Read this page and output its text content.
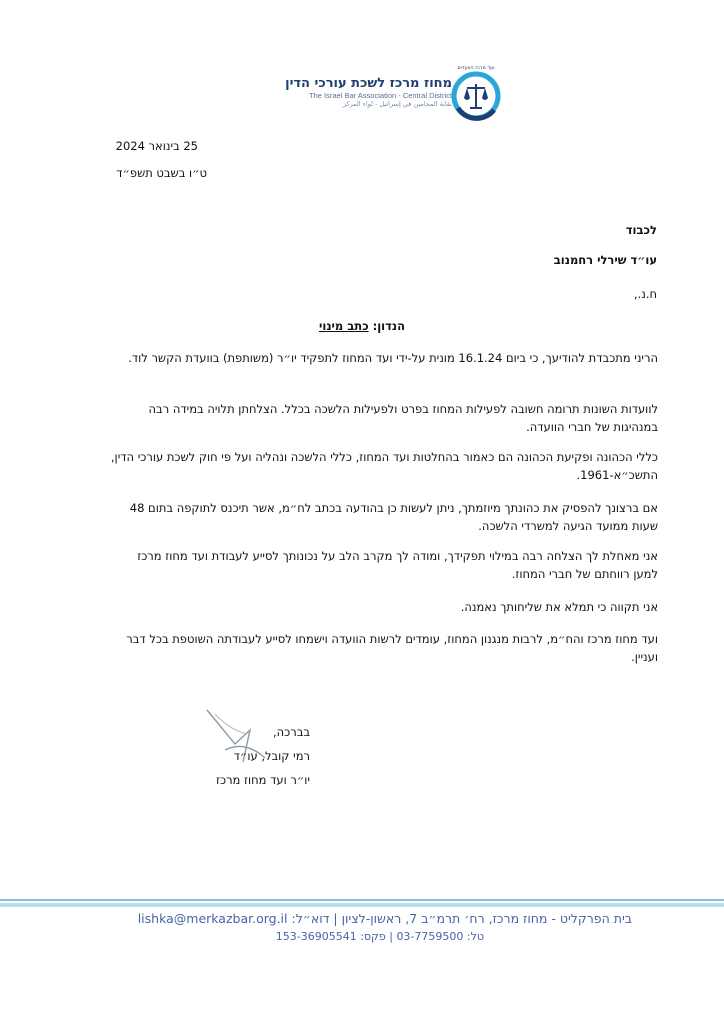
מחוז מרכז לשכת עורכי הדין
The Israel Bar Association - Central District
نقابة المحامين في إسرائيل - لواء المركز
ועד מרכז הוועדים
25 בינואר 2024
ט״ו בשבט תשפ״ד
לכבוד
עו״ד שירלי רחמנוב
ח.נ.,
הנדון: כתב מינוי
הריני מתכבדת להודיעך, כי ביום 16.1.24 מונית על-ידי ועד המחוז לתפקיד יו״ר (משותפת) בוועדת הקשר לוד.
לוועדות השונות תרומה חשובה לפעילות המחוז בפרט ולפעילות הלשכה בכלל. הצלחתן תלויה במידה רבה במנהיגות של חברי הוועדה.
כללי הכהונה ופקיעת הכהונה הם כאמור בהחלטות ועד המחוז, כללי הלשכה ונהליה ועל פי חוק לשכת עורכי הדין, התשכ״א-1961.
אם ברצונך להפסיק את כהונתך מיוזמתך, ניתן לעשות כן בהודעה בכתב לח״מ, אשר תיכנס לתוקפה בתום 48 שעות ממועד הגיעה למשרדי הלשכה.
אני מאחלת לך הצלחה רבה במילוי תפקידך, ומודה לך מקרב הלב על נכונותך לסייע לעבודת ועד מחוז מרכז למען רווחתם של חברי המחוז.
אני תקווה כי תמלא את שליחותך נאמנה.
ועד מחוז מרכז והח״מ, לרבות מנגנון המחוז, עומדים לרשות הוועדה וישמחו לסייע לעבודתה השוטפת בכל דבר ועניין.
בברכה,
רמי קובל, עו״ד
יו״ר ועד מחוז מרכז
בית הפרקליט - מחוז מרכז, רח׳ תרמ״ב 7, ראשון-לציון | דוא״ל: lishka@merkazbar.org.il
טל: 03-7759500 | פקס: 153-36905541
